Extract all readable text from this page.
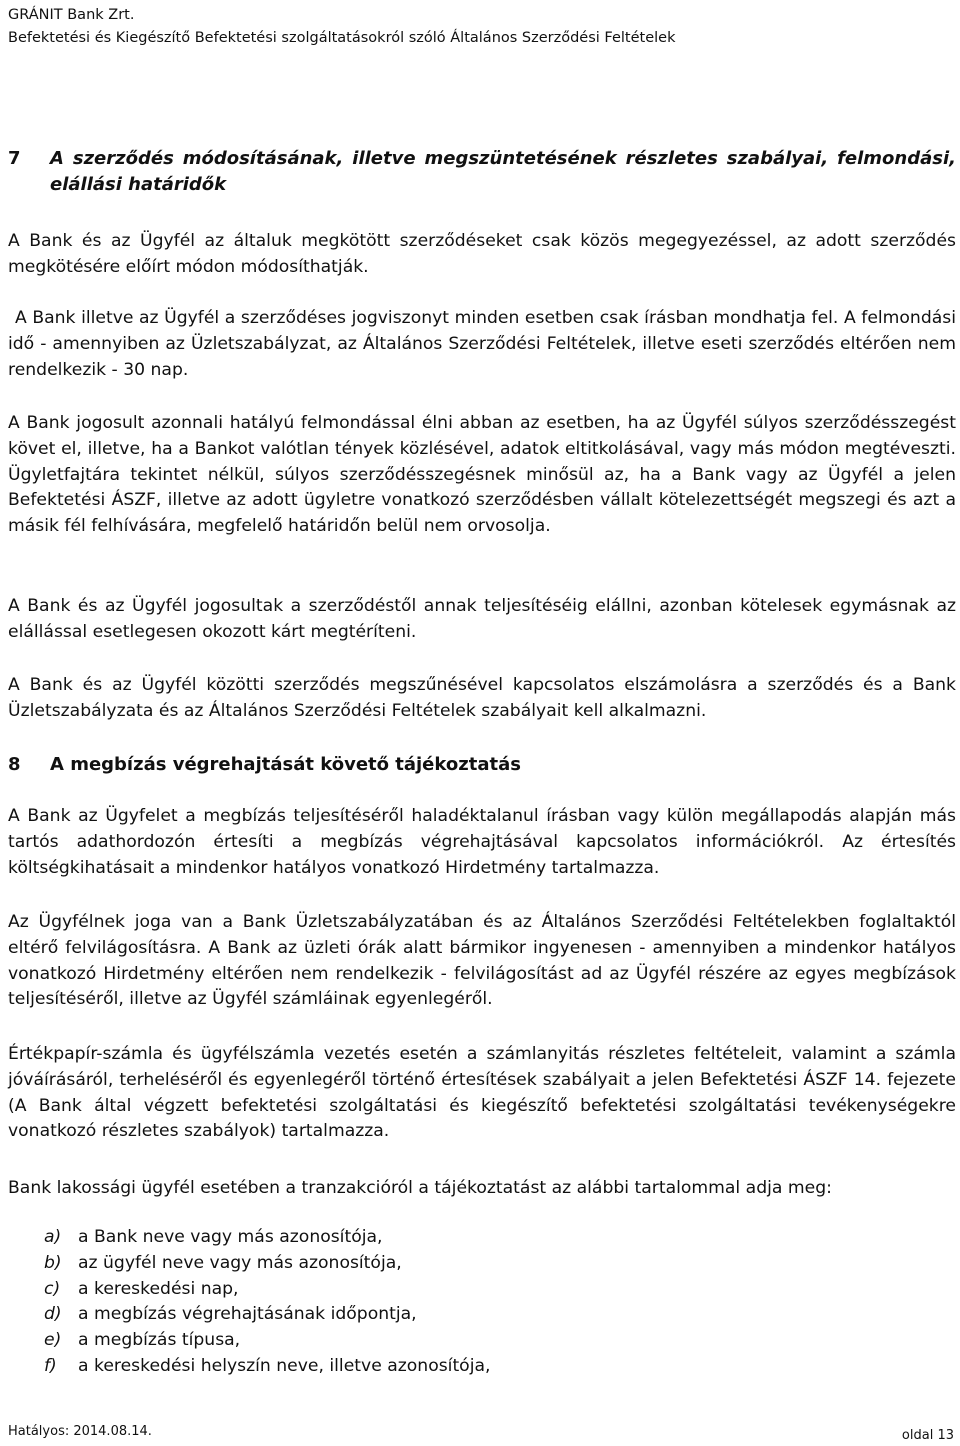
GRÁNIT Bank Zrt.
Befektetési és Kiegészítő Befektetési szolgáltatásokról szóló Általános Szerződési Feltételek
7 A szerződés módosításának, illetve megszüntetésének részletes szabályai, felmondási, elállási határidők

A Bank és az Ügyfél az általuk megkötött szerződéseket csak közös megegyezéssel, az adott szerződés megkötésére előírt módon módosíthatják.

A Bank illetve az Ügyfél a szerződéses jogviszonyt minden esetben csak írásban mondhatja fel. A felmondási idő - amennyiben az Üzletszabályzat, az Általános Szerződési Feltételek, illetve eseti szerződés eltérően nem rendelkezik - 30 nap.

A Bank jogosult azonnali hatályú felmondással élni abban az esetben, ha az Ügyfél súlyos szerződésszegést követ el, illetve, ha a Bankot valótlan tények közlésével, adatok eltitkolásával, vagy más módon megtéveszti. Ügyletfajtára tekintet nélkül, súlyos szerződésszegésnek minősül az, ha a Bank vagy az Ügyfél a jelen Befektetési ÁSZF, illetve az adott ügyletre vonatkozó szerződésben vállalt kötelezettségét megszegi és azt a másik fél felhívására, megfelelő határidőn belül nem orvosolja.

A Bank és az Ügyfél jogosultak a szerződéstől annak teljesítéséig elállni, azonban kötelesek egymásnak az elállással esetlegesen okozott kárt megtéríteni.

A Bank és az Ügyfél közötti szerződés megszűnésével kapcsolatos elszámolásra a szerződés és a Bank Üzletszabályzata és az Általános Szerződési Feltételek szabályait kell alkalmazni.

8 A megbízás végrehajtását követő tájékoztatás

A Bank az Ügyfelet a megbízás teljesítéséről haladéktalanul írásban vagy külön megállapodás alapján más tartós adathordozón értesíti a megbízás végrehajtásával kapcsolatos információkról. Az értesítés költségkihatásait a mindenkor hatályos vonatkozó Hirdetmény tartalmazza.

Az Ügyfélnek joga van a Bank Üzletszabályzatában és az Általános Szerződési Feltételekben foglaltaktól eltérő felvilágosításra. A Bank az üzleti órák alatt bármikor ingyenesen - amennyiben a mindenkor hatályos vonatkozó Hirdetmény eltérően nem rendelkezik - felvilágosítást ad az Ügyfél részére az egyes megbízások teljesítéséről, illetve az Ügyfél számláinak egyenlegéről.

Értékpapír-számla és ügyfélszámla vezetés esetén a számlanyitás részletes feltételeit, valamint a számla jóváírásáról, terheléséről és egyenlegéről történő értesítések szabályait a jelen Befektetési ÁSZF 14. fejezete (A Bank által végzett befektetési szolgáltatási és kiegészítő befektetési szolgáltatási tevékenységekre vonatkozó részletes szabályok) tartalmazza.

Bank lakossági ügyfél esetében a tranzakcióról a tájékoztatást az alábbi tartalommal adja meg:

a) a Bank neve vagy más azonosítója,
b) az ügyfél neve vagy más azonosítója,
c) a kereskedési nap,
d) a megbízás végrehajtásának időpontja,
e) a megbízás típusa,
f) a kereskedési helyszín neve, illetve azonosítója,
Hatályos: 2014.08.14.	oldal 13
